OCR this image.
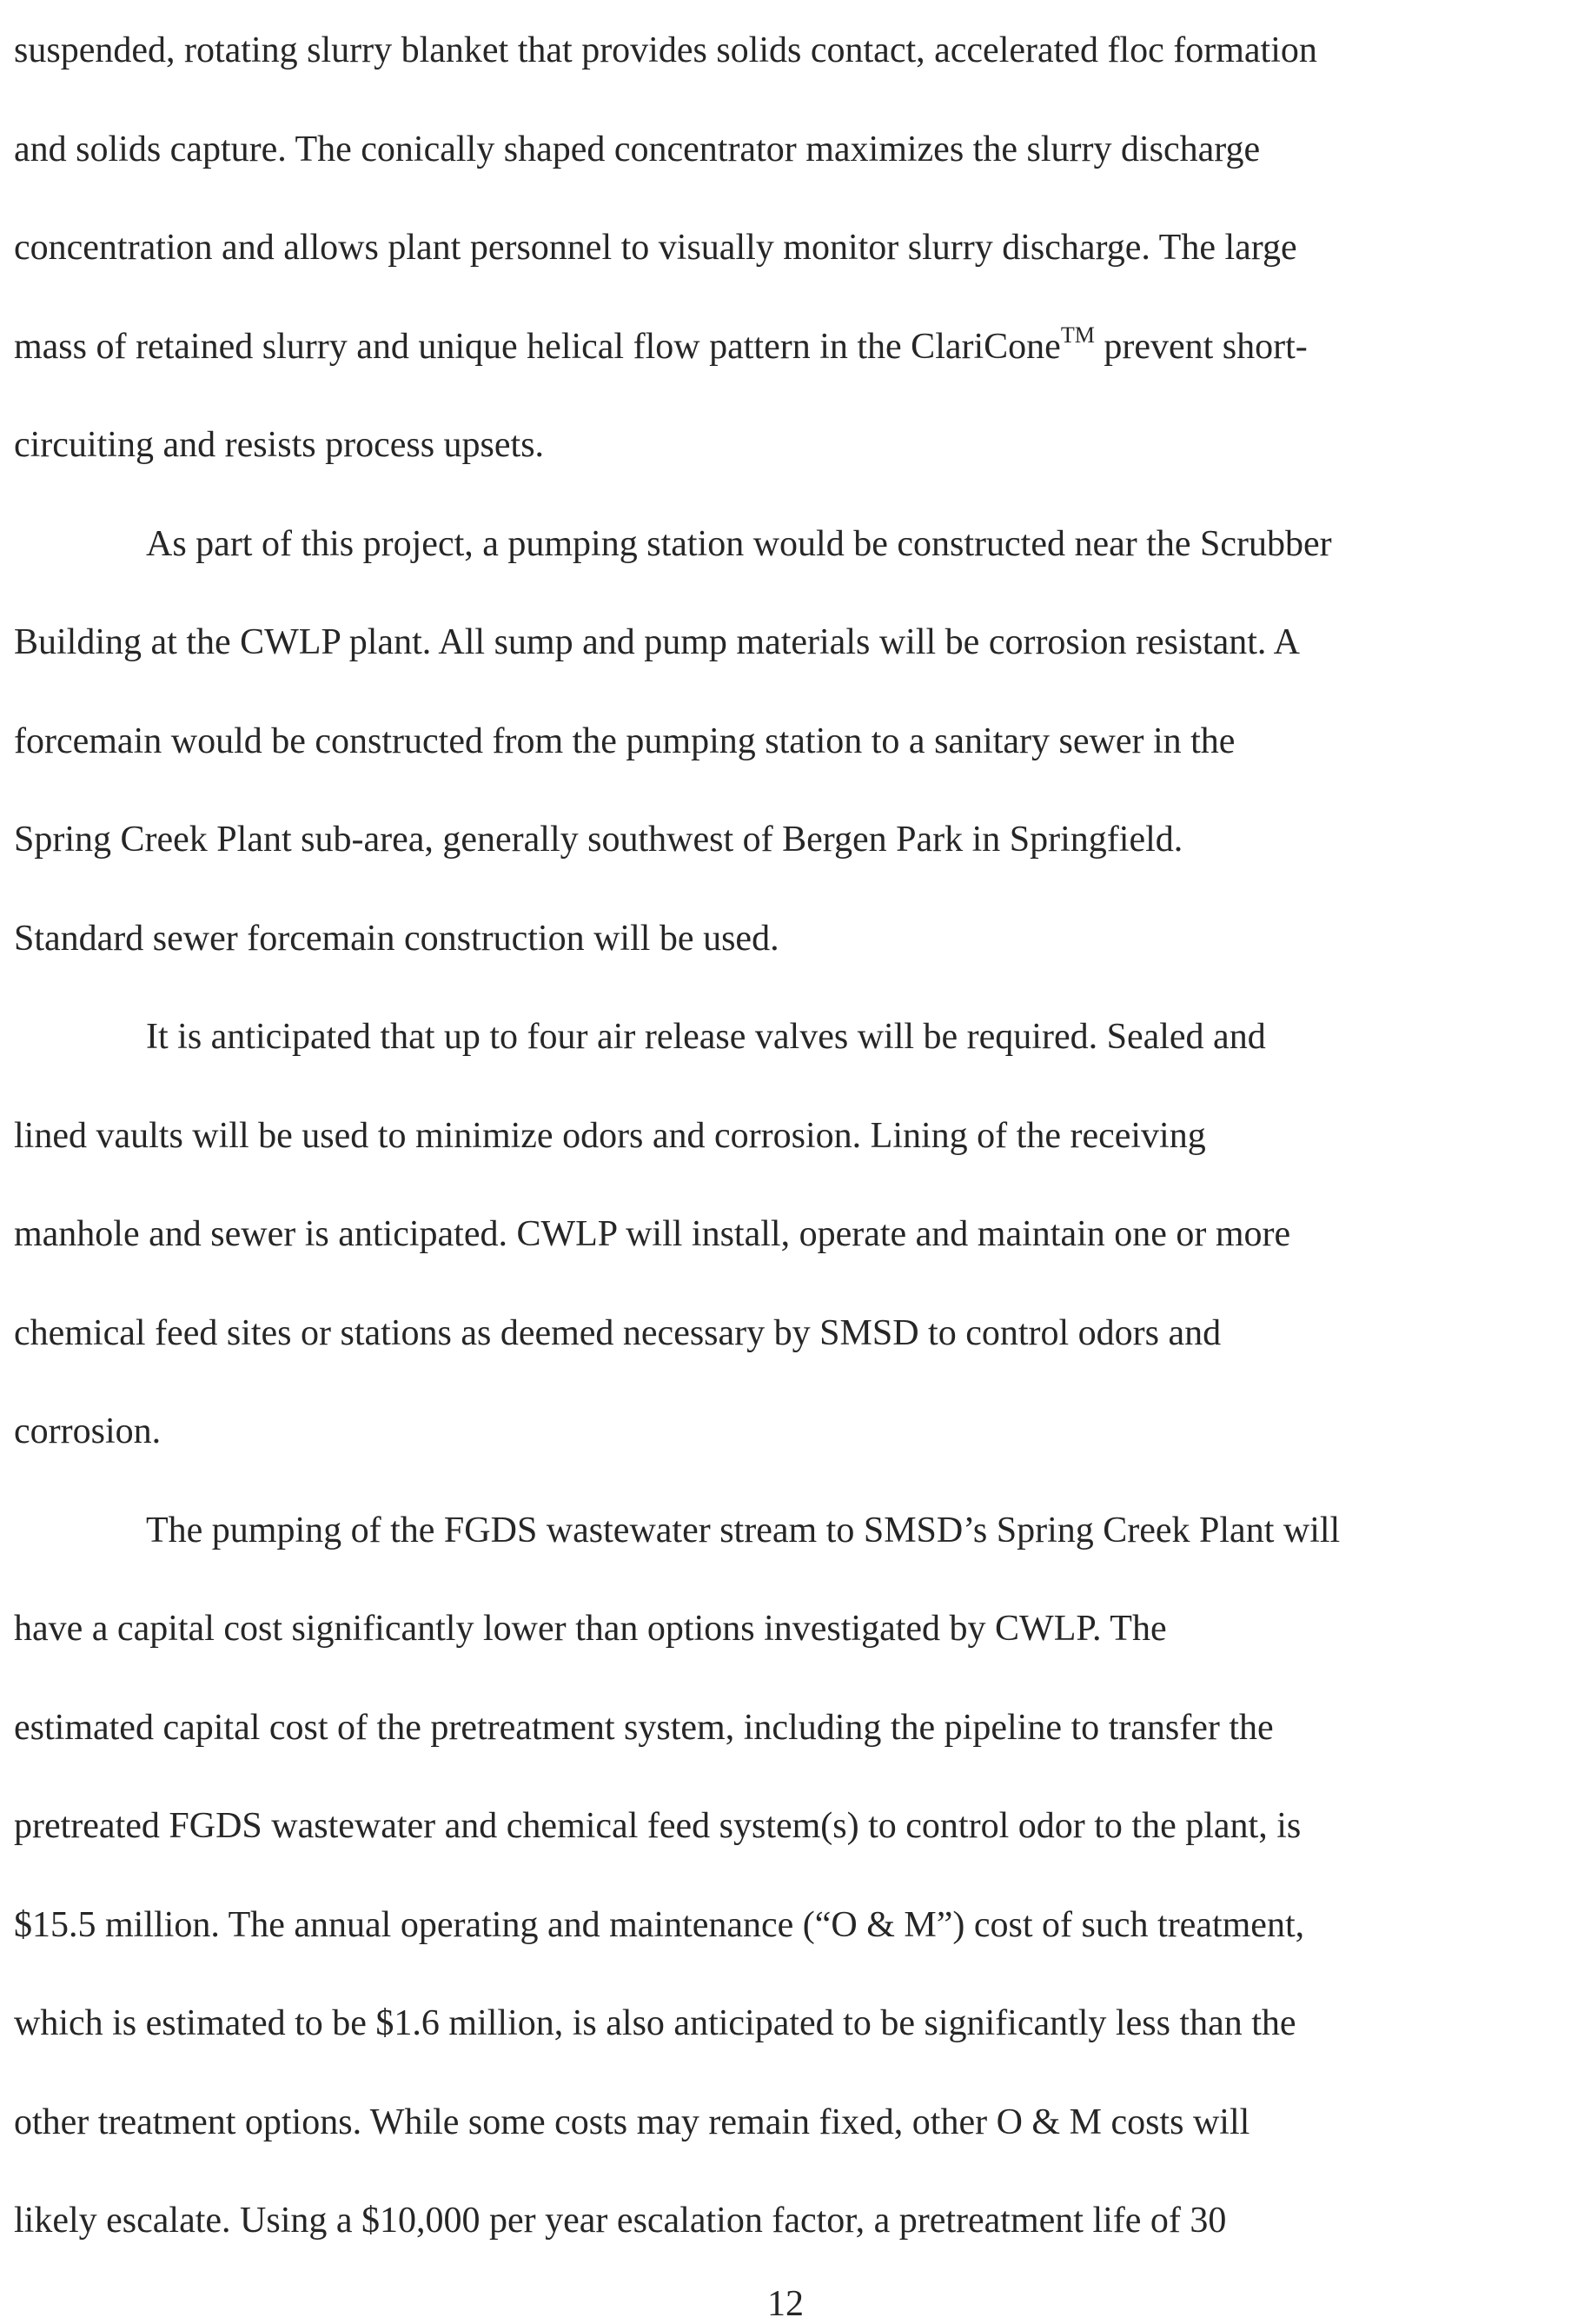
suspended, rotating slurry blanket that provides solids contact, accelerated floc formation
and solids capture. The conically shaped concentrator maximizes the slurry discharge
concentration and allows plant personnel to visually monitor slurry discharge. The large
mass of retained slurry and unique helical flow pattern in the ClariCone™ prevent short-
circuiting and resists process upsets.
As part of this project, a pumping station would be constructed near the Scrubber
Building at the CWLP plant. All sump and pump materials will be corrosion resistant. A
forcemain would be constructed from the pumping station to a sanitary sewer in the
Spring Creek Plant sub-area, generally southwest of Bergen Park in Springfield.
Standard sewer forcemain construction will be used.
It is anticipated that up to four air release valves will be required. Sealed and
lined vaults will be used to minimize odors and corrosion. Lining of the receiving
manhole and sewer is anticipated. CWLP will install, operate and maintain one or more
chemical feed sites or stations as deemed necessary by SMSD to control odors and
corrosion.
The pumping of the FGDS wastewater stream to SMSD’s Spring Creek Plant will
have a capital cost significantly lower than options investigated by CWLP. The
estimated capital cost of the pretreatment system, including the pipeline to transfer the
pretreated FGDS wastewater and chemical feed system(s) to control odor to the plant, is
$15.5 million. The annual operating and maintenance (“O & M”) cost of such treatment,
which is estimated to be $1.6 million, is also anticipated to be significantly less than the
other treatment options. While some costs may remain fixed, other O & M costs will
likely escalate. Using a $10,000 per year escalation factor, a pretreatment life of 30
12
